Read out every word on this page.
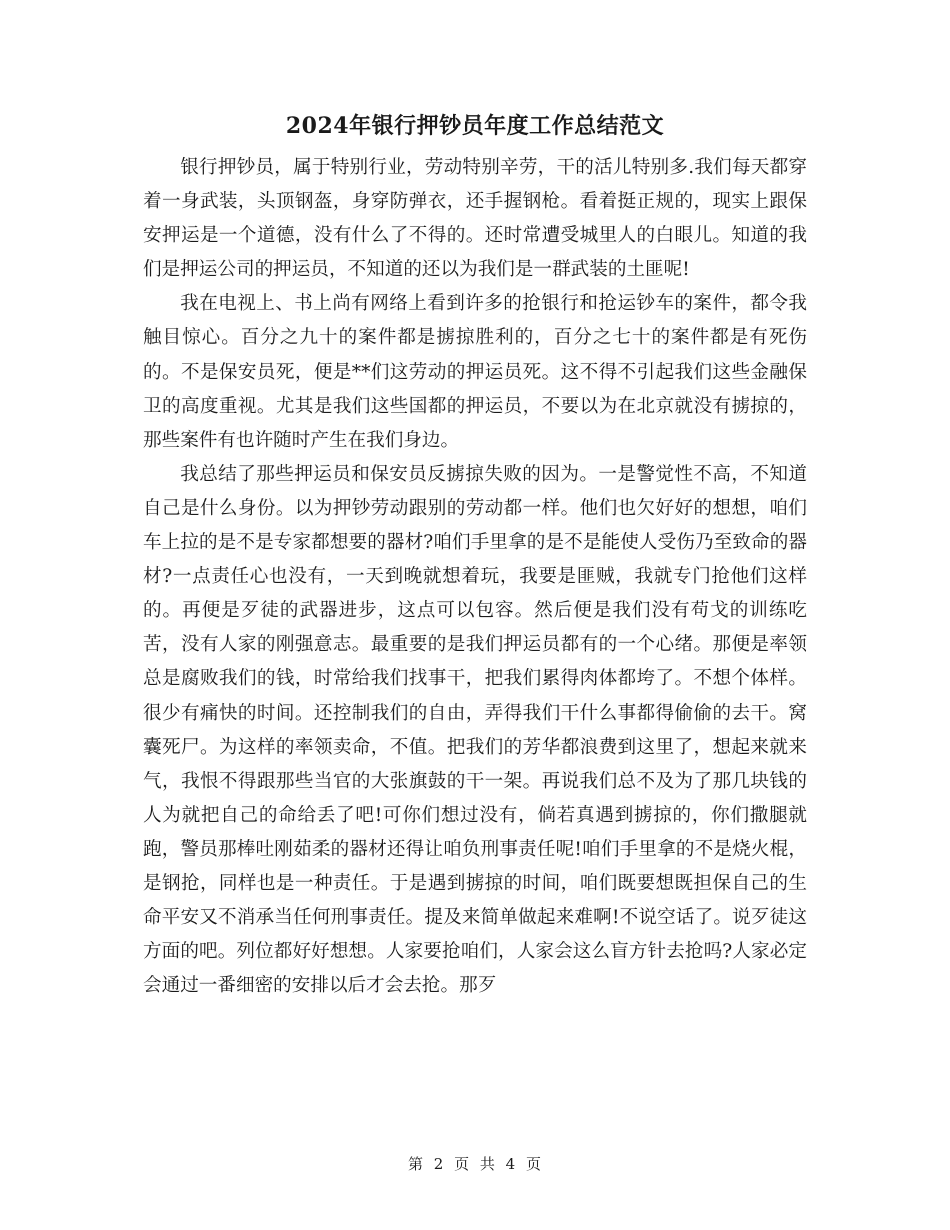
2024年银行押钞员年度工作总结范文

银行押钞员，属于特别行业，劳动特别辛劳，干的活儿特别多.我们每天都穿着一身武装，头顶钢盔，身穿防弹衣，还手握钢枪。看着挺正规的，现实上跟保安押运是一个道德，没有什么了不得的。还时常遭受城里人的白眼儿。知道的我们是押运公司的押运员，不知道的还以为我们是一群武装的土匪呢!

我在电视上、书上尚有网络上看到许多的抢银行和抢运钞车的案件，都令我触目惊心。百分之九十的案件都是掳掠胜利的，百分之七十的案件都是有死伤的。不是保安员死，便是**们这劳动的押运员死。这不得不引起我们这些金融保卫的高度重视。尤其是我们这些国都的押运员，不要以为在北京就没有掳掠的，那些案件有也许随时产生在我们身边。

我总结了那些押运员和保安员反掳掠失败的因为。一是警觉性不高，不知道自己是什么身份。以为押钞劳动跟别的劳动都一样。他们也欠好好的想想，咱们车上拉的是不是专家都想要的器材?咱们手里拿的是不是能使人受伤乃至致命的器材?一点责任心也没有，一天到晚就想着玩，我要是匪贼，我就专门抢他们这样的。再便是歹徒的武器进步，这点可以包容。然后便是我们没有苟戈的训练吃苦，没有人家的刚强意志。最重要的是我们押运员都有的一个心绪。那便是率领总是腐败我们的钱，时常给我们找事干，把我们累得肉体都垮了。不想个体样。很少有痛快的时间。还控制我们的自由，弄得我们干什么事都得偷偷的去干。窝囊死尸。为这样的率领卖命，不值。把我们的芳华都浪费到这里了，想起来就来气，我恨不得跟那些当官的大张旗鼓的干一架。再说我们总不及为了那几块钱的人为就把自己的命给丢了吧!可你们想过没有，倘若真遇到掳掠的，你们撒腿就跑，警员那棒吐刚茹柔的器材还得让咱负刑事责任呢!咱们手里拿的不是烧火棍，是钢抢，同样也是一种责任。于是遇到掳掠的时间，咱们既要想既担保自己的生命平安又不消承当任何刑事责任。提及来简单做起来难啊!不说空话了。说歹徒这方面的吧。列位都好好想想。人家要抢咱们，人家会这么盲方针去抢吗?人家必定会通过一番细密的安排以后才会去抢。那歹

第 2 页 共 4 页
